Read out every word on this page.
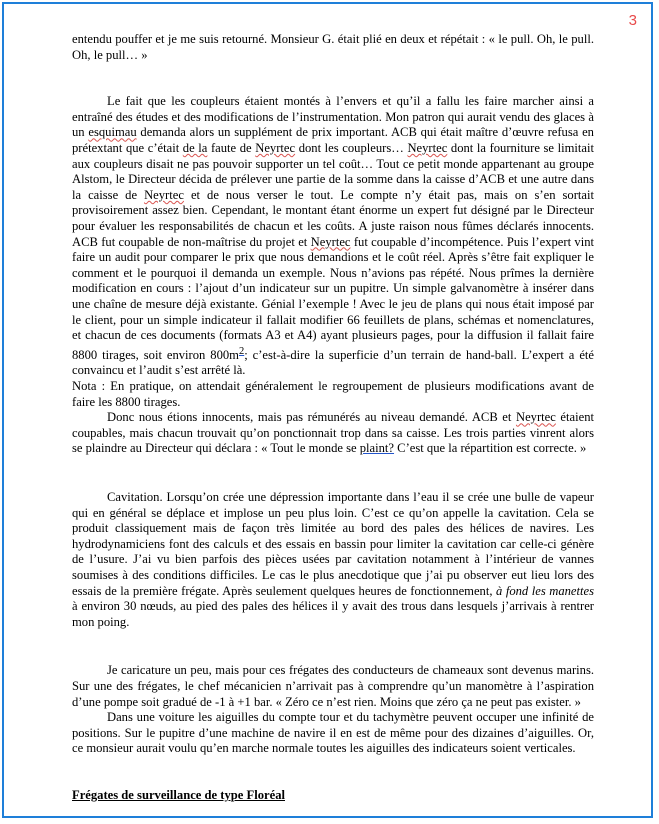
3

entendu pouffer et je me suis retourné. Monsieur G. était plié en deux et répétait : « le pull. Oh, le pull. Oh, le pull… »

Le fait que les coupleurs étaient montés à l’envers et qu’il a fallu les faire marcher ainsi a entraîné des études et des modifications de l’instrumentation. Mon patron qui aurait vendu des glaces à un esquimau demanda alors un supplément de prix important. ACB qui était maître d’œuvre refusa en prétextant que c’était de la faute de Neyrtec dont les coupleurs… Neyrtec dont la fourniture se limitait aux coupleurs disait ne pas pouvoir supporter un tel coût… Tout ce petit monde appartenant au groupe Alstom, le Directeur décida de prélever une partie de la somme dans la caisse d’ACB et une autre dans la caisse de Neyrtec et de nous verser le tout. Le compte n’y était pas, mais on s’en sortait provisoirement assez bien. Cependant, le montant étant énorme un expert fut désigné par le Directeur pour évaluer les responsabilités de chacun et les coûts. A juste raison nous fûmes déclarés innocents. ACB fut coupable de non-maîtrise du projet et Neyrtec fut coupable d’incompétence. Puis l’expert vint faire un audit pour comparer le prix que nous demandions et le coût réel. Après s’être fait expliquer le comment et le pourquoi il demanda un exemple. Nous n’avions pas répété. Nous prîmes la dernière modification en cours : l’ajout d’un indicateur sur un pupitre. Un simple galvanomètre à insérer dans une chaîne de mesure déjà existante. Génial l’exemple ! Avec le jeu de plans qui nous était imposé par le client, pour un simple indicateur il fallait modifier 66 feuillets de plans, schémas et nomenclatures, et chacun de ces documents (formats A3 et A4) ayant plusieurs pages, pour la diffusion il fallait faire 8800 tirages, soit environ $800m^2$; c’est-à-dire la superficie d’un terrain de hand-ball. L’expert a été convaincu et l’audit s’est arrêté là.

Nota : En pratique, on attendait généralement le regroupement de plusieurs modifications avant de faire les 8800 tirages.

Donc nous étions innocents, mais pas rémunérés au niveau demandé. ACB et Neyrtec étaient coupables, mais chacun trouvait qu’on ponctionnait trop dans sa caisse. Les trois parties vinrent alors se plaindre au Directeur qui déclara : « Tout le monde se plaint? C’est que la répartition est correcte. »

Cavitation. Lorsqu’on crée une dépression importante dans l’eau il se crée une bulle de vapeur qui en général se déplace et implose un peu plus loin. C’est ce qu’on appelle la cavitation. Cela se produit classiquement mais de façon très limitée au bord des pales des hélices de navires. Les hydrodynamiciens font des calculs et des essais en bassin pour limiter la cavitation car celle-ci génère de l’usure. J’ai vu bien parfois des pièces usées par cavitation notamment à l’intérieur de vannes soumises à des conditions difficiles. Le cas le plus anecdotique que j’ai pu observer eut lieu lors des essais de la première frégate. Après seulement quelques heures de fonctionnement, à fond les manettes à environ 30 nœuds, au pied des pales des hélices il y avait des trous dans lesquels j’arrivais à rentrer mon poing.

Je caricature un peu, mais pour ces frégates des conducteurs de chameaux sont devenus marins. Sur une des frégates, le chef mécanicien n’arrivait pas à comprendre qu’un manomètre à l’aspiration d’une pompe soit gradué de -1 à +1 bar. « Zéro ce n’est rien. Moins que zéro ça ne peut pas exister. »

Dans une voiture les aiguilles du compte tour et du tachymètre peuvent occuper une infinité de positions. Sur le pupitre d’une machine de navire il en est de même pour des dizaines d’aiguilles. Or, ce monsieur aurait voulu qu’en marche normale toutes les aiguilles des indicateurs soient verticales.

Frégates de surveillance de type Floréal
